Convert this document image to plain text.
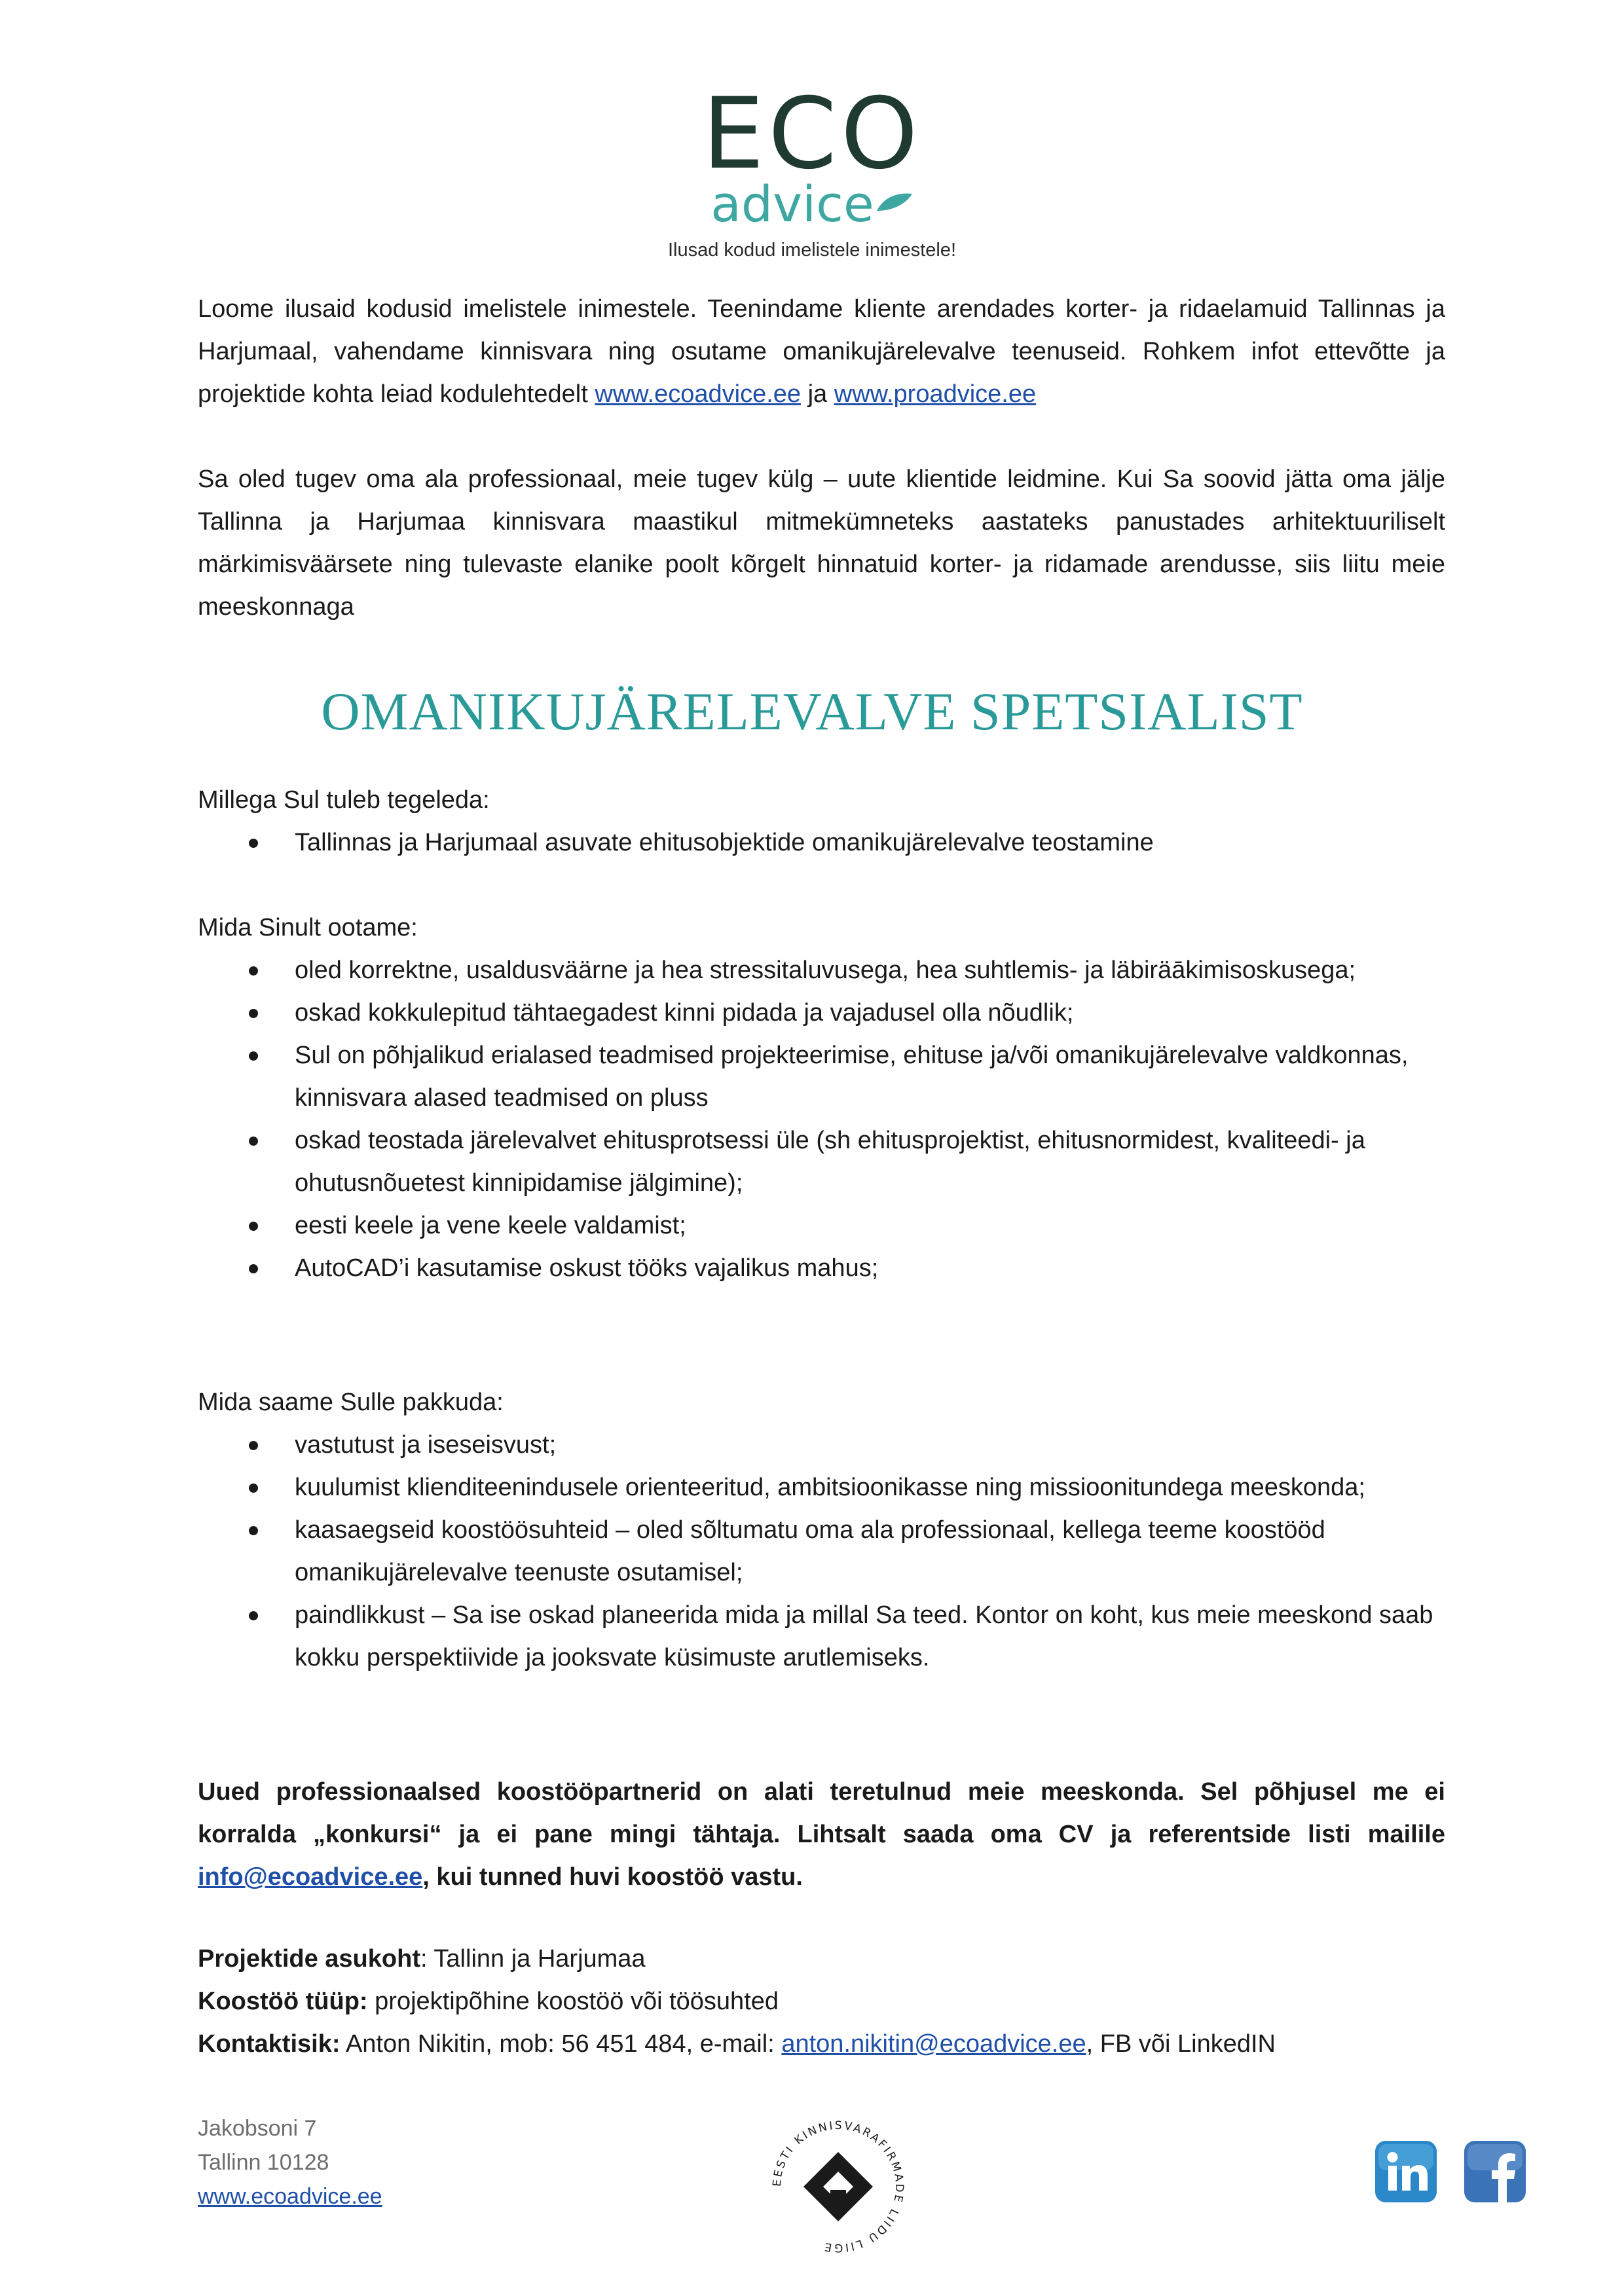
ECO
advice
Ilusad kodud imelistele inimestele!

Loome ilusaid kodusid imelistele inimestele. Teenindame kliente arendades korter- ja ridaelamuid Tallinnas ja Harjumaal, vahendame kinnisvara ning osutame omanikujärelevalve teenuseid. Rohkem infot ettevõtte ja projektide kohta leiad kodulehtedelt www.ecoadvice.ee ja www.proadvice.ee

Sa oled tugev oma ala professionaal, meie tugev külg – uute klientide leidmine. Kui Sa soovid jätta oma jälje Tallinna ja Harjumaa kinnisvara maastikul mitmekümneteks aastateks panustades arhitektuuriliselt märkimisväärsete ning tulevaste elanike poolt kõrgelt hinnatuid korter- ja ridamade arendusse, siis liitu meie meeskonnaga

OMANIKUJÄRELEVALVE SPETSIALIST
Millega Sul tuleb tegeleda:
Tallinnas ja Harjumaal asuvate ehitusobjektide omanikujärelevalve teostamine
Mida Sinult ootame:
oled korrektne, usaldusväärne ja hea stressitaluvusega, hea suhtlemis- ja läbiräākimisoskusega;
oskad kokkulepitud tähtaegadest kinni pidada ja vajadusel olla nõudlik;
Sul on põhjalikud erialased teadmised projekteerimise, ehituse ja/või omanikujärelevalve valdkonnas, kinnisvara alased teadmised on pluss
oskad teostada järelevalvet ehitusprotsessi üle (sh ehitusprojektist, ehitusnormidest, kvaliteedi- ja ohutusnõuetest kinnipidamise jälgimine);
eesti keele ja vene keele valdamist;
AutoCAD’i kasutamise oskust tööks vajalikus mahus;
Mida saame Sulle pakkuda:
vastutust ja iseseisvust;
kuulumist klienditeenindusele orienteeritud, ambitsioonikasse ning missioonitundega meeskonda;
kaasaegseid koostöösuhteid – oled sõltumatu oma ala professionaal, kellega teeme koostööd omanikujärelevalve teenuste osutamisel;
paindlikkust – Sa ise oskad planeerida mida ja millal Sa teed. Kontor on koht, kus meie meeskond saab kokku perspektiivide ja jooksvate küsimuste arutlemiseks.

Uued professionaalsed koostööpartnerid on alati teretulnud meie meeskonda. Sel põhjusel me ei korralda „konkursi“ ja ei pane mingi tähtaja. Lihtsalt saada oma CV ja referentside listi mailile info@ecoadvice.ee, kui tunned huvi koostöö vastu.

Projektide asukoht: Tallinn ja Harjumaa
Koostöö tüüp: projektipõhine koostöö või töösuhted
Kontaktisik: Anton Nikitin, mob: 56 451 484, e-mail: anton.nikitin@ecoadvice.ee, FB või LinkedIN
Jakobsoni 7
Tallinn 10128
www.ecoadvice.ee
EESTI KINNISVARAFIRMADE LIIDU LIIGE
